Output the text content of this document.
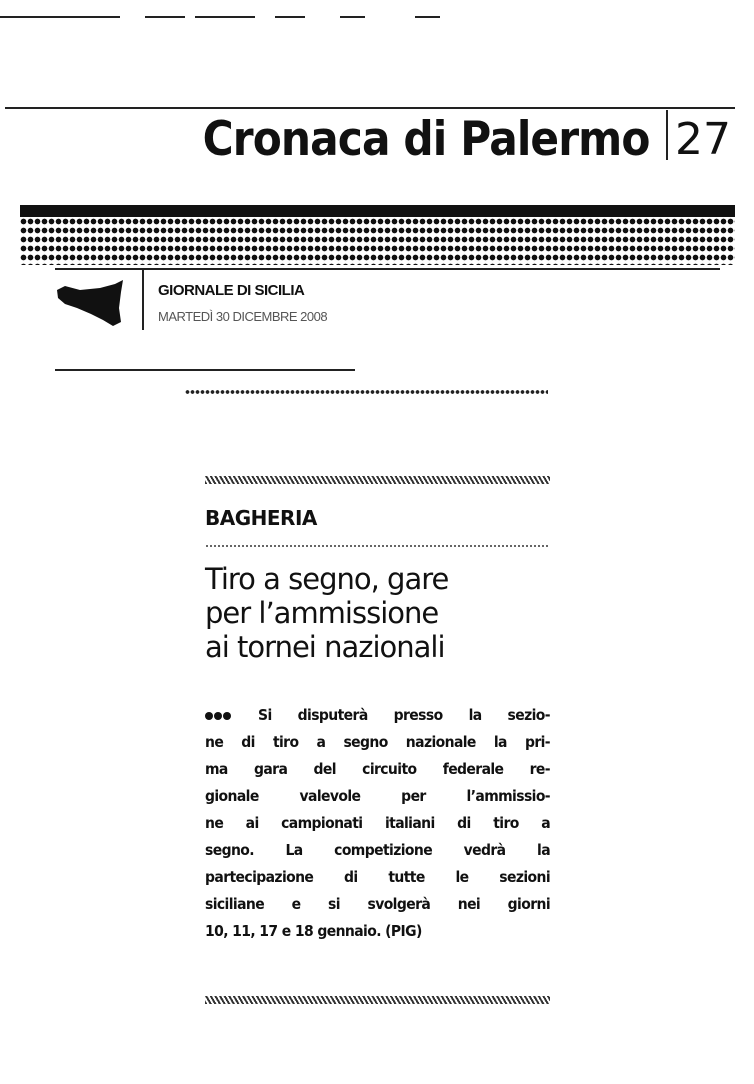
Cronaca di Palermo 27
GIORNALE DI SICILIA
MARTEDÌ 30 DICEMBRE 2008
BAGHERIA
Tiro a segno, gare
per l’ammissione
ai tornei nazionali
Si disputerà presso la sezio-
ne di tiro a segno nazionale la pri-
ma gara del circuito federale re-
gionale valevole per l’ammissio-
ne ai campionati italiani di tiro a
segno. La competizione vedrà la
partecipazione di tutte le sezioni
siciliane e si svolgerà nei giorni
10, 11, 17 e 18 gennaio. (PIG)
